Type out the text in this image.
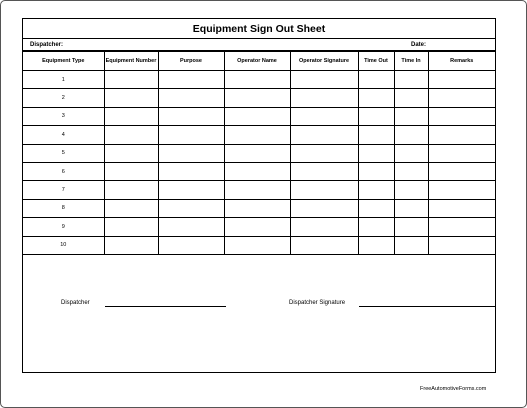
Equipment Sign Out Sheet
Dispatcher:	Date:
Equipment Type	Equipment Number	Purpose	Operator Name	Operator Signature	Time Out	Time In	Remarks	
1								
2								
3								
4								
5								
6								
7								
8								
9								
10								
Dispatcher	Dispatcher Signature
FreeAutomotiveForms.com
